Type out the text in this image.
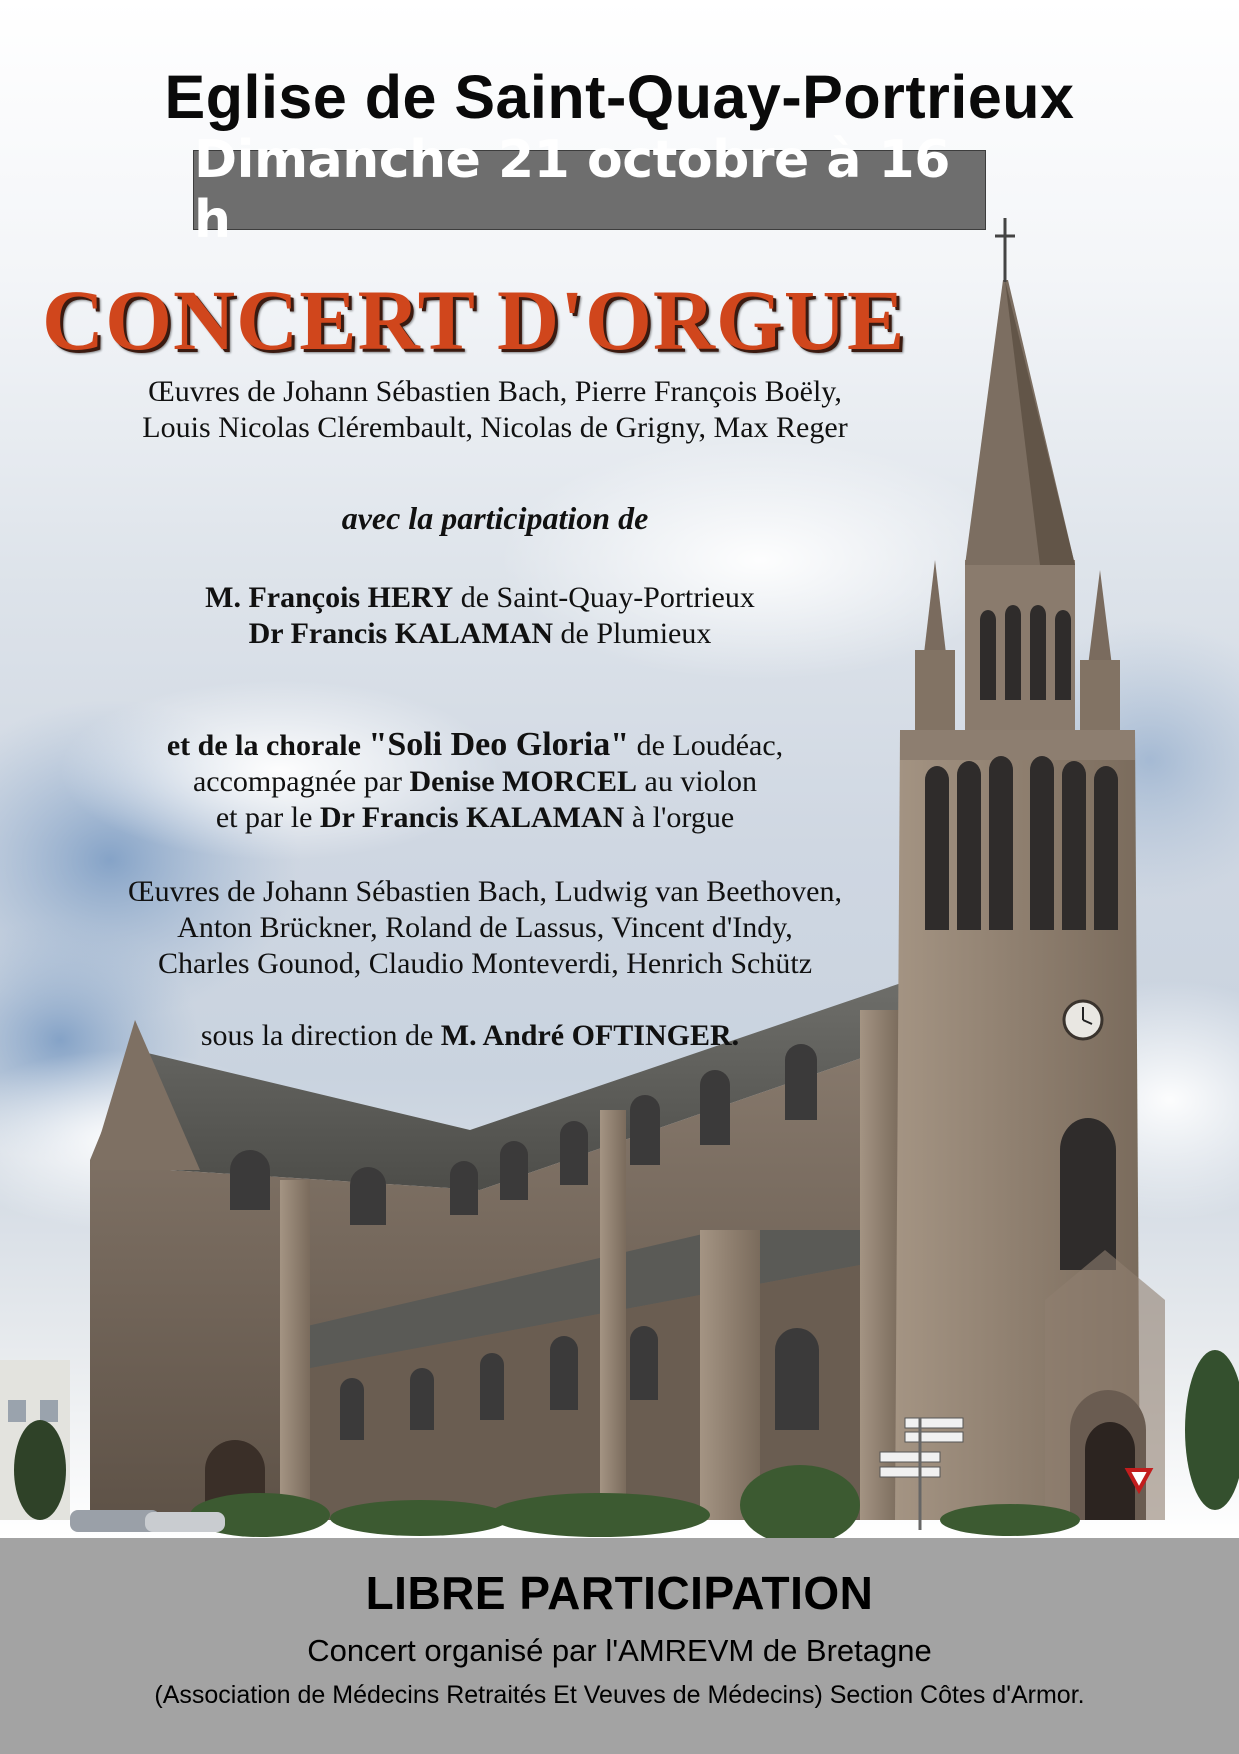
Eglise de Saint-Quay-Portrieux
Dimanche 21 octobre à 16 h
CONCERT D'ORGUE
Œuvres de Johann Sébastien Bach, Pierre François Boëly,
Louis Nicolas Clérembault, Nicolas de Grigny, Max Reger
avec la participation de
M. François HERY de Saint-Quay-Portrieux
Dr Francis KALAMAN de Plumieux
et de la chorale "Soli Deo Gloria" de Loudéac,
accompagnée par Denise MORCEL au violon
et par le Dr Francis KALAMAN à l'orgue
Œuvres de Johann Sébastien Bach, Ludwig van Beethoven,
Anton Brückner, Roland de Lassus, Vincent d'Indy,
Charles Gounod, Claudio Monteverdi, Henrich Schütz
sous la direction de M. André OFTINGER.
LIBRE PARTICIPATION
Concert organisé par l'AMREVM de Bretagne
(Association de Médecins Retraités Et Veuves de Médecins) Section Côtes d'Armor.
